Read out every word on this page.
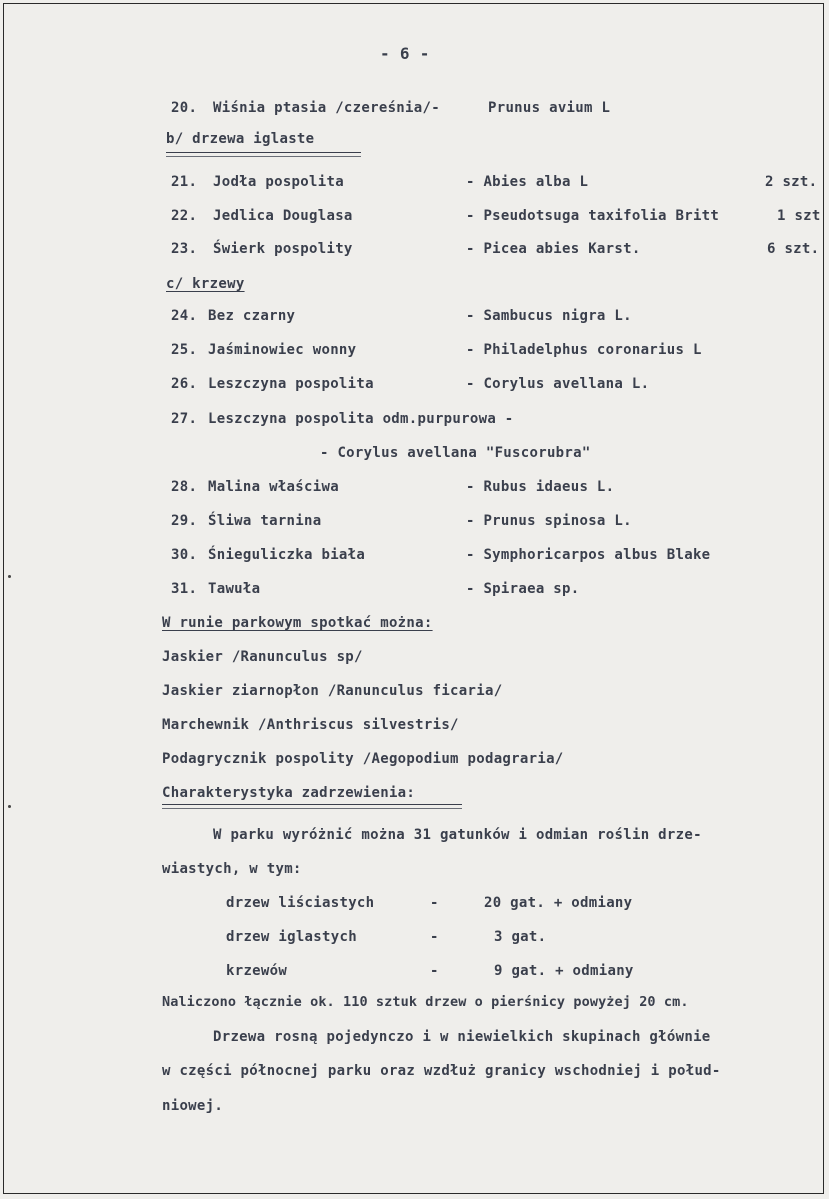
- 6 -
20. Wiśnia ptasia /czereśnia/-	Prunus avium L
b/ drzewa iglaste
21. Jodła pospolita	- Abies alba L	2 szt.
22. Jedlica Douglasa	- Pseudotsuga taxifolia Britt	1 szt
23. Świerk pospolity	- Picea abies Karst.	6 szt.
c/ krzewy
24. Bez czarny	- Sambucus nigra L.
25. Jaśminowiec wonny	- Philadelphus coronarius L
26. Leszczyna pospolita	- Corylus avellana L.
27. Leszczyna pospolita odm.purpurowa -
- Corylus avellana "Fuscorubra"
28. Malina właściwa	- Rubus idaeus L.
29. Śliwa tarnina	- Prunus spinosa L.
30. Śnieguliczka biała	- Symphoricarpos albus Blake
31. Tawuła	- Spiraea sp.
W runie parkowym spotkać można:
Jaskier /Ranunculus sp/
Jaskier ziarnopłon /Ranunculus ficaria/
Marchewnik /Anthriscus silvestris/
Podagrycznik pospolity /Aegopodium podagraria/
Charakterystyka zadrzewienia:
W parku wyróżnić można 31 gatunków i odmian roślin drze-
wiastych, w tym:
drzew liściastych	-	20 gat. + odmiany
drzew iglastych	-	3 gat.
krzewów	-	9 gat. + odmiany
Naliczono łącznie ok. 110 sztuk drzew o pierśnicy powyżej 20 cm.
Drzewa rosną pojedynczo i w niewielkich skupinach głównie
w części północnej parku oraz wzdłuż granicy wschodniej i połud-
niowej.
